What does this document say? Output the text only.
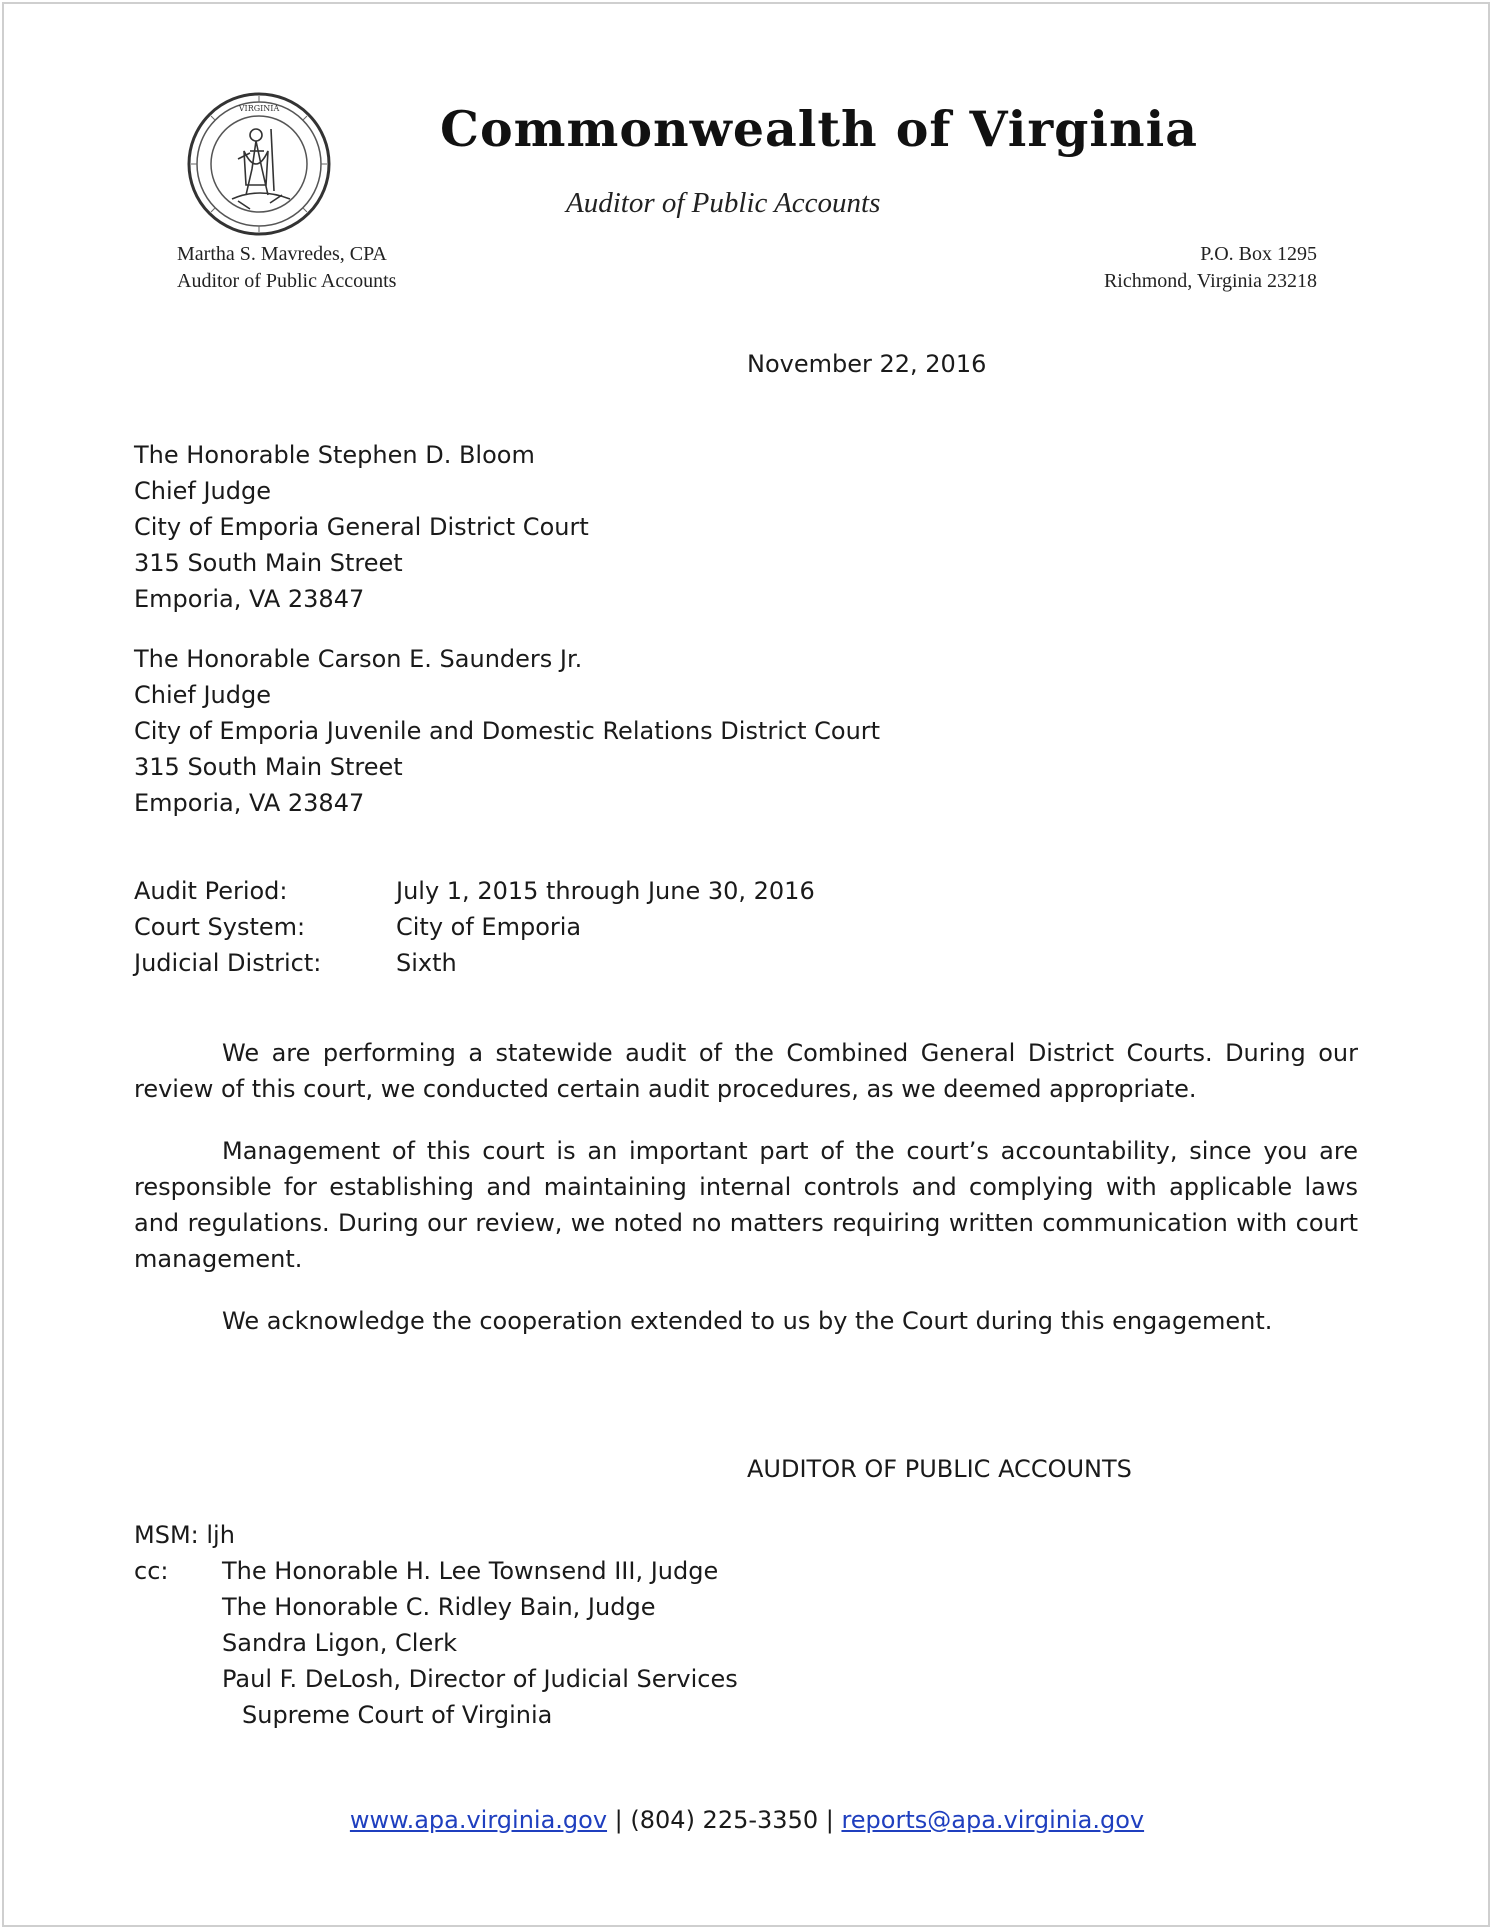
VIRGINIA	Commonwealth of Virginia
Auditor of Public Accounts
Martha S. Mavredes, CPA
Auditor of Public Accounts
P.O. Box 1295
Richmond, Virginia 23218
November 22, 2016
The Honorable Stephen D. Bloom
Chief Judge
City of Emporia General District Court
315 South Main Street
Emporia, VA 23847
The Honorable Carson E. Saunders Jr.
Chief Judge
City of Emporia Juvenile and Domestic Relations District Court
315 South Main Street
Emporia, VA 23847
Audit Period:	July 1, 2015 through June 30, 2016
Court System:	City of Emporia
Judicial District:	Sixth

We are performing a statewide audit of the Combined General District Courts. During our review of this court, we conducted certain audit procedures, as we deemed appropriate.

Management of this court is an important part of the court’s accountability, since you are responsible for establishing and maintaining internal controls and complying with applicable laws and regulations. During our review, we noted no matters requiring written communication with court management.

We acknowledge the cooperation extended to us by the Court during this engagement.

AUDITOR OF PUBLIC ACCOUNTS
MSM: ljh
cc:	The Honorable H. Lee Townsend III, Judge
The Honorable C. Ridley Bain, Judge
Sandra Ligon, Clerk
Paul F. DeLosh, Director of Judicial Services
Supreme Court of Virginia
www.apa.virginia.gov | (804) 225-3350 | reports@apa.virginia.gov
